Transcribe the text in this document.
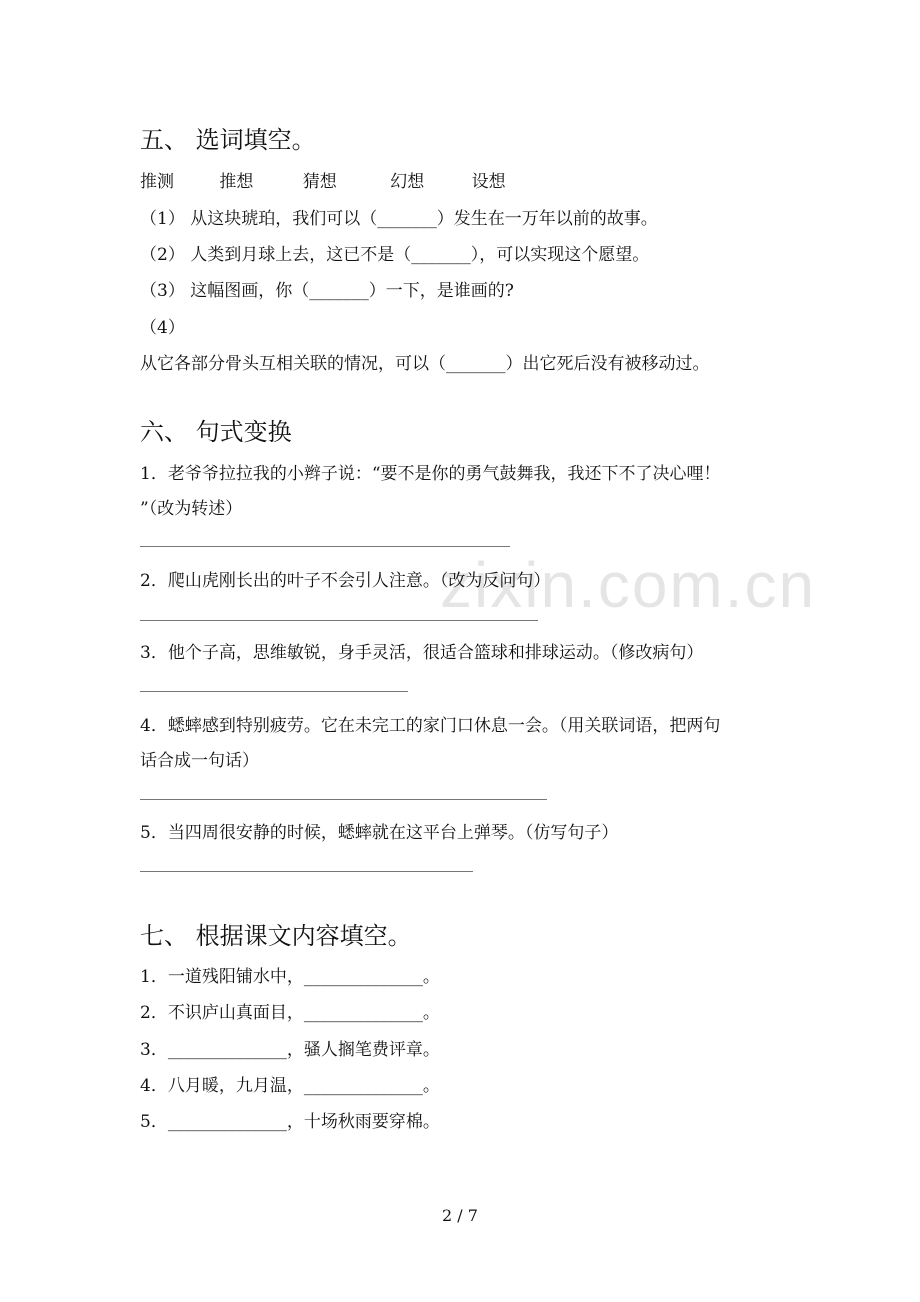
五、 选词填空。
推测	推想	猜想	幻想	设想
（1） 从这块琥珀，我们可以（_______）发生在一万年以前的故事。
（2） 人类到月球上去，这已不是（_______），可以实现这个愿望。
（3） 这幅图画，你（_______）一下，是谁画的?
（4）
从它各部分骨头互相关联的情况，可以（_______）出它死后没有被移动过。
六、 句式变换
1．老爷爷拉拉我的小辫子说：“要不是你的勇气鼓舞我，我还下不了决心哩！
”（改为转述）
2．爬山虎刚长出的叶子不会引人注意。（改为反问句）
3．他个子高，思维敏锐，身手灵活，很适合篮球和排球运动。（修改病句）
4．蟋蟀感到特别疲劳。它在未完工的家门口休息一会。（用关联词语，把两句
话合成一句话）
5．当四周很安静的时候，蟋蟀就在这平台上弹琴。（仿写句子）
七、 根据课文内容填空。
1．一道残阳铺水中，______________。
2．不识庐山真面目，______________。
3．______________，骚人搁笔费评章。
4．八月暖，九月温，______________。
5．______________，十场秋雨要穿棉。
zixin.com.cn
2 / 7
